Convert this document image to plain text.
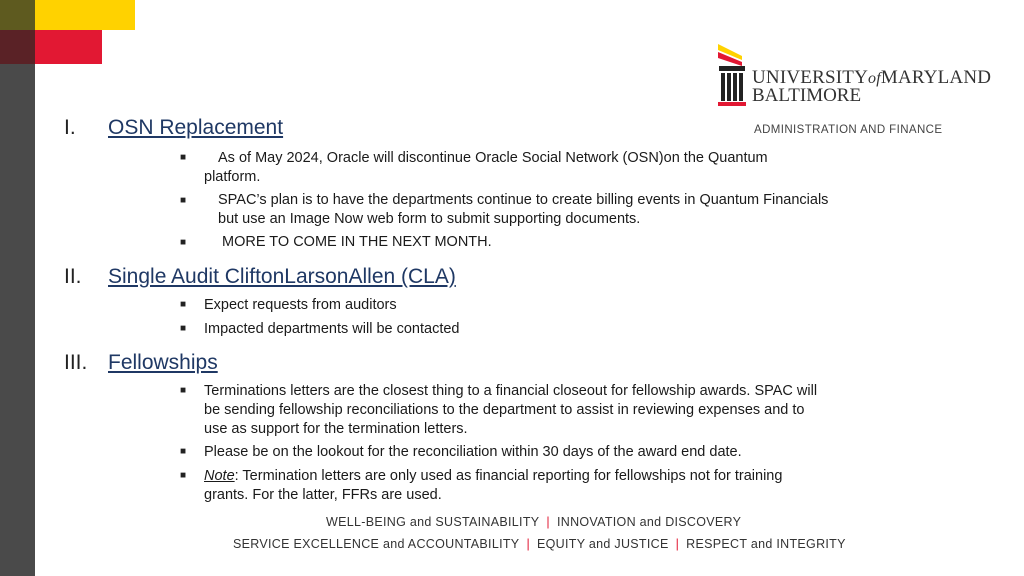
UNIVERSITYofMARYLAND
BALTIMORE
ADMINISTRATION AND FINANCE
I. OSN Replacement
■ As of May 2024, Oracle will discontinue Oracle Social Network (OSN)on the Quantum
platform.
■ SPAC’s plan is to have the departments continue to create billing events in Quantum Financials
but use an Image Now web form to submit supporting documents.
■ MORE TO COME IN THE NEXT MONTH.
II. Single Audit CliftonLarsonAllen (CLA)
■ Expect requests from auditors
■ Impacted departments will be contacted
III. Fellowships
■ Terminations letters are the closest thing to a financial closeout for fellowship awards. SPAC will
be sending fellowship reconciliations to the department to assist in reviewing expenses and to
use as support for the termination letters.
■ Please be on the lookout for the reconciliation within 30 days of the award end date.
■ Note: Termination letters are only used as financial reporting for fellowships not for training
grants. For the latter, FFRs are used.
WELL-BEING and SUSTAINABILITY | INNOVATION and DISCOVERY
SERVICE EXCELLENCE and ACCOUNTABILITY | EQUITY and JUSTICE | RESPECT and INTEGRITY
